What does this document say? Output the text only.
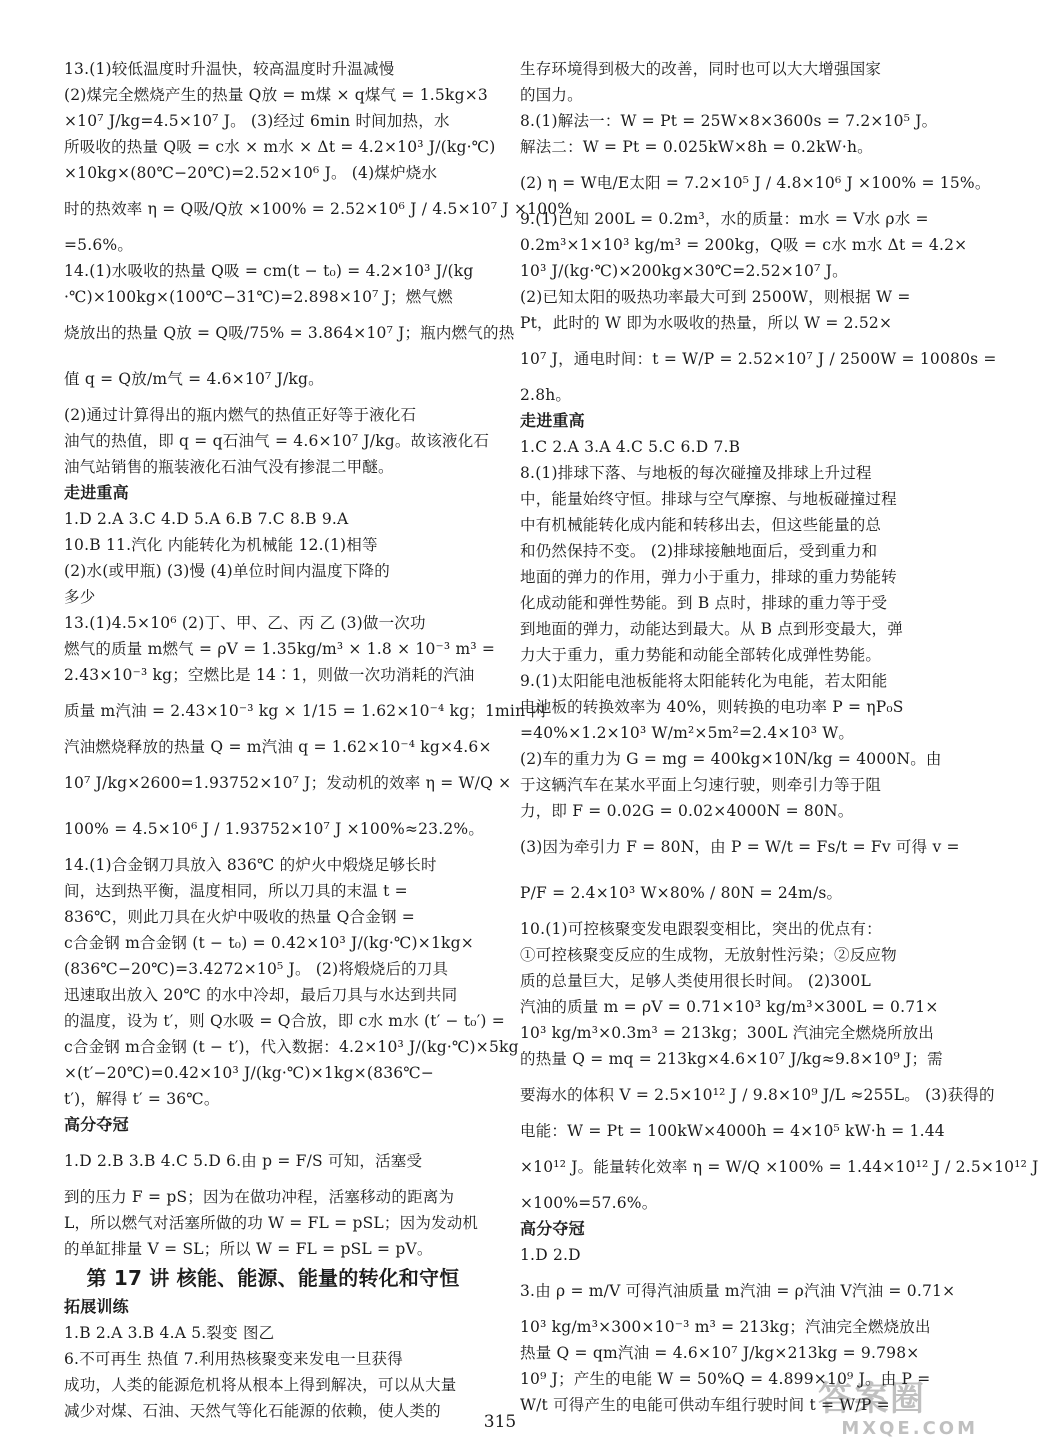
13.(1)较低温度时升温快，较高温度时升温减慢
(2)煤完全燃烧产生的热量 Q放 = m煤 × q煤气 = 1.5kg×3
×10⁷ J/kg=4.5×10⁷ J。 (3)经过 6min 时间加热，水
所吸收的热量 Q吸 = c水 × m水 × Δt = 4.2×10³ J/(kg·℃)
×10kg×(80℃−20℃)=2.52×10⁶ J。 (4)煤炉烧水
时的热效率 η = Q吸/Q放 ×100% = 2.52×10⁶ J / 4.5×10⁷ J ×100%
=5.6%。
14.(1)水吸收的热量 Q吸 = cm(t − t₀) = 4.2×10³ J/(kg
·℃)×100kg×(100℃−31℃)=2.898×10⁷ J；燃气燃
烧放出的热量 Q放 = Q吸/75% = 3.864×10⁷ J；瓶内燃气的热
值 q = Q放/m气 = 4.6×10⁷ J/kg。
(2)通过计算得出的瓶内燃气的热值正好等于液化石
油气的热值，即 q = q石油气 = 4.6×10⁷ J/kg。故该液化石
油气站销售的瓶装液化石油气没有掺混二甲醚。
走进重高
1.D 2.A 3.C 4.D 5.A 6.B 7.C 8.B 9.A
10.B 11.汽化 内能转化为机械能 12.(1)相等
(2)水(或甲瓶) (3)慢 (4)单位时间内温度下降的
多少
13.(1)4.5×10⁶ (2)丁、甲、乙、丙 乙 (3)做一次功
燃气的质量 m燃气 = ρV = 1.35kg/m³ × 1.8 × 10⁻³ m³ =
2.43×10⁻³ kg；空燃比是 14∶1，则做一次功消耗的汽油
质量 m汽油 = 2.43×10⁻³ kg × 1/15 = 1.62×10⁻⁴ kg；1min 内
汽油燃烧释放的热量 Q = m汽油 q = 1.62×10⁻⁴ kg×4.6×
10⁷ J/kg×2600=1.93752×10⁷ J；发动机的效率 η = W/Q ×
100% = 4.5×10⁶ J / 1.93752×10⁷ J ×100%≈23.2%。
14.(1)合金钢刀具放入 836℃ 的炉火中煅烧足够长时
间，达到热平衡，温度相同，所以刀具的末温 t =
836℃，则此刀具在火炉中吸收的热量 Q合金钢 =
c合金钢 m合金钢 (t − t₀) = 0.42×10³ J/(kg·℃)×1kg×
(836℃−20℃)=3.4272×10⁵ J。 (2)将煅烧后的刀具
迅速取出放入 20℃ 的水中冷却，最后刀具与水达到共同
的温度，设为 t′，则 Q水吸 = Q合放，即 c水 m水 (t′ − t₀′) =
c合金钢 m合金钢 (t − t′)，代入数据：4.2×10³ J/(kg·℃)×5kg
×(t′−20℃)=0.42×10³ J/(kg·℃)×1kg×(836℃−
t′)，解得 t′ = 36℃。
高分夺冠
1.D 2.B 3.B 4.C 5.D 6.由 p = F/S 可知，活塞受
到的压力 F = pS；因为在做功冲程，活塞移动的距离为
L，所以燃气对活塞所做的功 W = FL = pSL；因为发动机
的单缸排量 V = SL；所以 W = FL = pSL = pV。
第 17 讲 核能、能源、能量的转化和守恒
拓展训练
1.B 2.A 3.B 4.A 5.裂变 图乙
6.不可再生 热值 7.利用热核聚变来发电一旦获得
成功，人类的能源危机将从根本上得到解决，可以从大量
减少对煤、石油、天然气等化石能源的依赖，使人类的
生存环境得到极大的改善，同时也可以大大增强国家
的国力。
8.(1)解法一：W = Pt = 25W×8×3600s = 7.2×10⁵ J。
解法二：W = Pt = 0.025kW×8h = 0.2kW·h。
(2) η = W电/E太阳 = 7.2×10⁵ J / 4.8×10⁶ J ×100% = 15%。
9.(1)已知 200L = 0.2m³，水的质量：m水 = V水 ρ水 =
0.2m³×1×10³ kg/m³ = 200kg，Q吸 = c水 m水 Δt = 4.2×
10³ J/(kg·℃)×200kg×30℃=2.52×10⁷ J。
(2)已知太阳的吸热功率最大可到 2500W，则根据 W =
Pt，此时的 W 即为水吸收的热量，所以 W = 2.52×
10⁷ J，通电时间：t = W/P = 2.52×10⁷ J / 2500W = 10080s =
2.8h。
走进重高
1.C 2.A 3.A 4.C 5.C 6.D 7.B
8.(1)排球下落、与地板的每次碰撞及排球上升过程
中，能量始终守恒。排球与空气摩擦、与地板碰撞过程
中有机械能转化成内能和转移出去，但这些能量的总
和仍然保持不变。 (2)排球接触地面后，受到重力和
地面的弹力的作用，弹力小于重力，排球的重力势能转
化成动能和弹性势能。到 B 点时，排球的重力等于受
到地面的弹力，动能达到最大。从 B 点到形变最大，弹
力大于重力，重力势能和动能全部转化成弹性势能。
9.(1)太阳能电池板能将太阳能转化为电能，若太阳能
电池板的转换效率为 40%，则转换的电功率 P = ηP₀S
=40%×1.2×10³ W/m²×5m²=2.4×10³ W。
(2)车的重力为 G = mg = 400kg×10N/kg = 4000N。由
于这辆汽车在某水平面上匀速行驶，则牵引力等于阻
力，即 F = 0.02G = 0.02×4000N = 80N。
(3)因为牵引力 F = 80N，由 P = W/t = Fs/t = Fv 可得 v =
P/F = 2.4×10³ W×80% / 80N = 24m/s。
10.(1)可控核聚变发电跟裂变相比，突出的优点有：
①可控核聚变反应的生成物，无放射性污染；②反应物
质的总量巨大，足够人类使用很长时间。 (2)300L
汽油的质量 m = ρV = 0.71×10³ kg/m³×300L = 0.71×
10³ kg/m³×0.3m³ = 213kg；300L 汽油完全燃烧所放出
的热量 Q = mq = 213kg×4.6×10⁷ J/kg≈9.8×10⁹ J；需
要海水的体积 V = 2.5×10¹² J / 9.8×10⁹ J/L ≈255L。 (3)获得的
电能：W = Pt = 100kW×4000h = 4×10⁵ kW·h = 1.44
×10¹² J。能量转化效率 η = W/Q ×100% = 1.44×10¹² J / 2.5×10¹² J
×100%=57.6%。
高分夺冠
1.D 2.D
3.由 ρ = m/V 可得汽油质量 m汽油 = ρ汽油 V汽油 = 0.71×
10³ kg/m³×300×10⁻³ m³ = 213kg；汽油完全燃烧放出
热量 Q = qm汽油 = 4.6×10⁷ J/kg×213kg = 9.798×
10⁹ J；产生的电能 W = 50%Q = 4.899×10⁹ J。由 P =
W/t 可得产生的电能可供动车组行驶时间 t = W/P =
315
答案圈
MXQE.COM
